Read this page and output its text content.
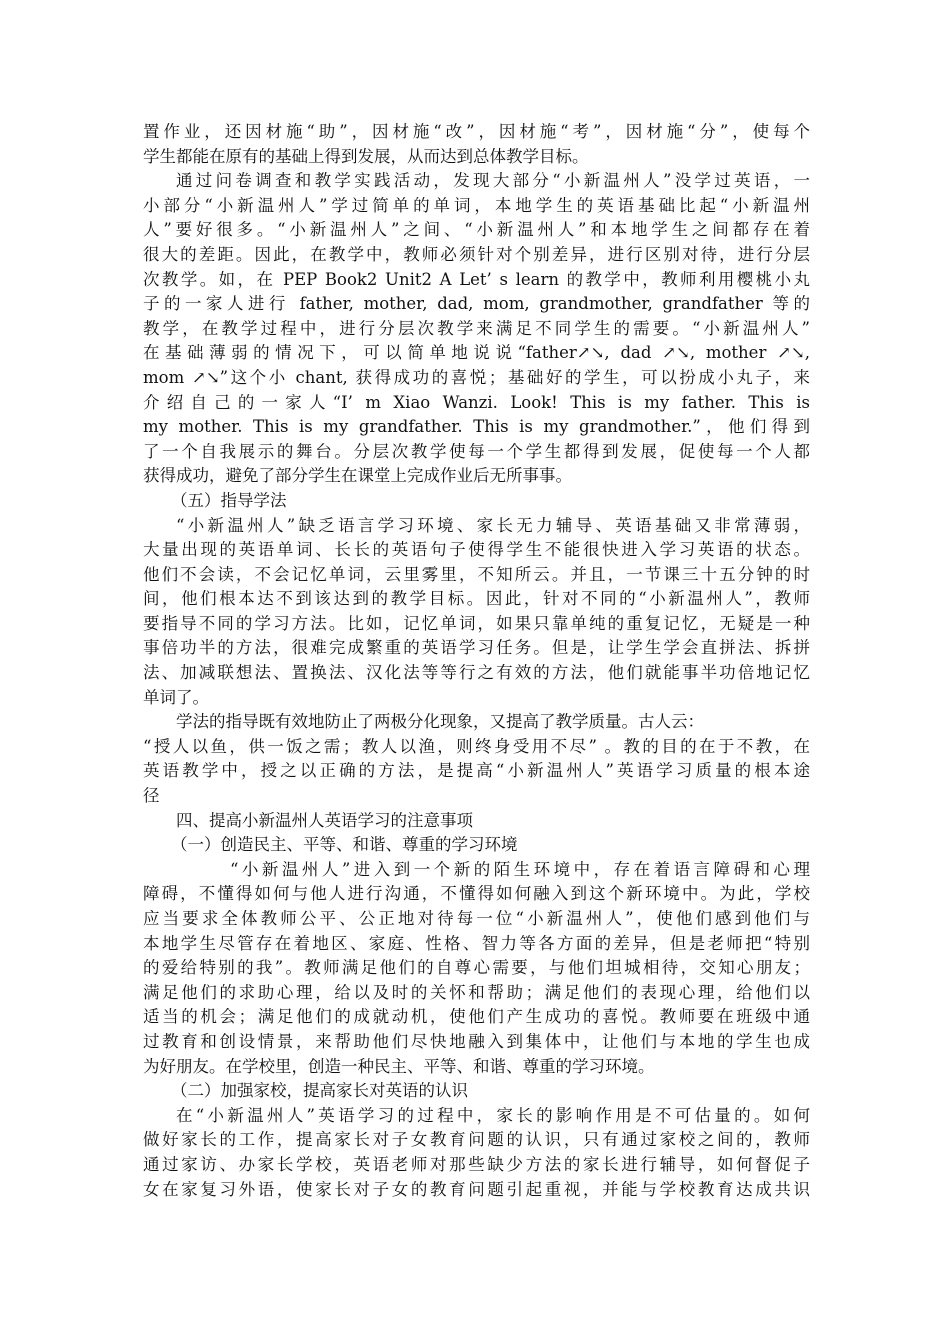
置作业，还因材施“助”，因材施“改”，因材施“考”，因材施“分”，使每个
学生都能在原有的基础上得到发展，从而达到总体教学目标。
通过问卷调查和教学实践活动，发现大部分“小新温州人”没学过英语，一
小部分“小新温州人”学过简单的单词，本地学生的英语基础比起“小新温州
人”要好很多。“小新温州人”之间、“小新温州人”和本地学生之间都存在着
很大的差距。因此，在教学中，教师必须针对个别差异，进行区别对待，进行分层
次教学。如，在 PEP Book2 Unit2 A Let’ s learn 的教学中，教师利用樱桃小丸
子的一家人进行 father, mother, dad, mom, grandmother, grandfather 等的
教学，在教学过程中，进行分层次教学来满足不同学生的需要。“小新温州人”
在基础薄弱的情况下，可以简单地说说“father↗↘, dad ↗↘, mother ↗↘,
mom ↗↘”这个小 chant, 获得成功的喜悦；基础好的学生，可以扮成小丸子，来
介绍自己的一家人“I’ m Xiao Wanzi. Look! This is my father. This is
my mother. This is my grandfather. This is my grandmother.”，他们得到
了一个自我展示的舞台。分层次教学使每一个学生都得到发展，促使每一个人都
获得成功，避免了部分学生在课堂上完成作业后无所事事。
（五）指导学法
“小新温州人”缺乏语言学习环境、家长无力辅导、英语基础又非常薄弱，
大量出现的英语单词、长长的英语句子使得学生不能很快进入学习英语的状态。
他们不会读，不会记忆单词，云里雾里，不知所云。并且，一节课三十五分钟的时
间，他们根本达不到该达到的教学目标。因此，针对不同的“小新温州人”，教师
要指导不同的学习方法。比如，记忆单词，如果只靠单纯的重复记忆，无疑是一种
事倍功半的方法，很难完成繁重的英语学习任务。但是，让学生学会直拼法、拆拼
法、加减联想法、置换法、汉化法等等行之有效的方法，他们就能事半功倍地记忆
单词了。
学法的指导既有效地防止了两极分化现象，又提高了教学质量。古人云：
“授人以鱼，供一饭之需；教人以渔，则终身受用不尽” 。教的目的在于不教，在
英语教学中，授之以正确的方法，是提高“小新温州人”英语学习质量的根本途
径
四、提高小新温州人英语学习的注意事项
（一）创造民主、平等、和谐、尊重的学习环境
“小新温州人”进入到一个新的陌生环境中，存在着语言障碍和心理
障碍，不懂得如何与他人进行沟通，不懂得如何融入到这个新环境中。为此，学校
应当要求全体教师公平、公正地对待每一位“小新温州人”，使他们感到他们与
本地学生尽管存在着地区、家庭、性格、智力等各方面的差异，但是老师把“特别
的爱给特别的我”。教师满足他们的自尊心需要，与他们坦城相待，交知心朋友；
满足他们的求助心理，给以及时的关怀和帮助；满足他们的表现心理，给他们以
适当的机会；满足他们的成就动机，使他们产生成功的喜悦。教师要在班级中通
过教育和创设情景，来帮助他们尽快地融入到集体中，让他们与本地的学生也成
为好朋友。在学校里，创造一种民主、平等、和谐、尊重的学习环境。
（二）加强家校，提高家长对英语的认识
在“小新温州人”英语学习的过程中，家长的影响作用是不可估量的。如何
做好家长的工作，提高家长对子女教育问题的认识，只有通过家校之间的，教师
通过家访、办家长学校，英语老师对那些缺少方法的家长进行辅导，如何督促子
女在家复习外语，使家长对子女的教育问题引起重视，并能与学校教育达成共识
